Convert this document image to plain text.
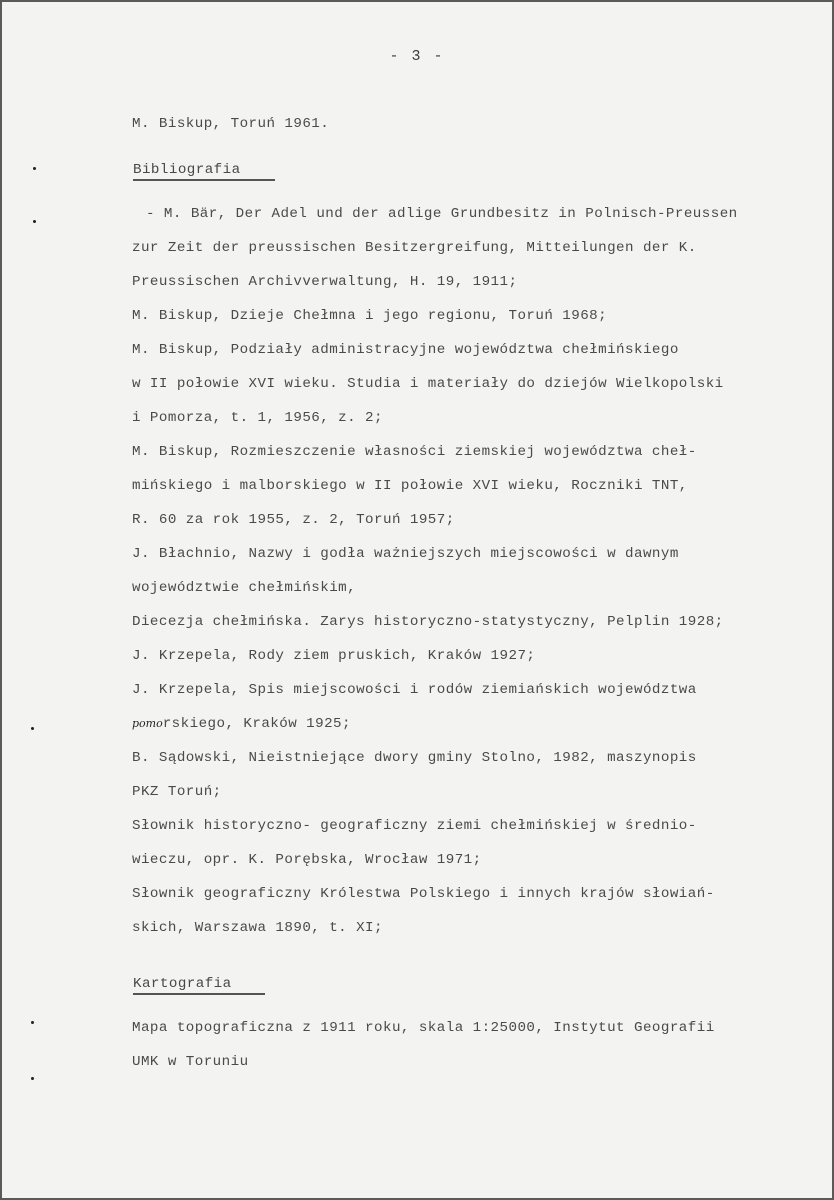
- 3 -
M. Biskup, Toruń 1961.
Bibliografia
- M. Bär, Der Adel und der adlige Grundbesitz in Polnisch-Preussen
zur Zeit der preussischen Besitzergreifung, Mitteilungen der K.
Preussischen Archivverwaltung, H. 19, 1911;
M. Biskup, Dzieje Chełmna i jego regionu, Toruń 1968;
M. Biskup, Podziały administracyjne województwa chełmińskiego
w II połowie XVI wieku. Studia i materiały do dziejów Wielkopolski
i Pomorza, t. 1, 1956, z. 2;
M. Biskup, Rozmieszczenie własności ziemskiej województwa cheł-
mińskiego i malborskiego w II połowie XVI wieku, Roczniki TNT,
R. 60 za rok 1955, z. 2, Toruń 1957;
J. Błachnio, Nazwy i godła ważniejszych miejscowości w dawnym
województwie chełmińskim,
Diecezja chełmińska. Zarys historyczno-statystyczny, Pelplin 1928;
J. Krzepela, Rody ziem pruskich, Kraków 1927;
J. Krzepela, Spis miejscowości i rodów ziemiańskich województwa
pomorskiego, Kraków 1925;
B. Sądowski, Nieistniejące dwory gminy Stolno, 1982, maszynopis
PKZ Toruń;
Słownik historyczno- geograficzny ziemi chełmińskiej w średnio-
wieczu, opr. K. Porębska, Wrocław 1971;
Słownik geograficzny Królestwa Polskiego i innych krajów słowiań-
skich, Warszawa 1890, t. XI;
Kartografia
Mapa topograficzna z 1911 roku, skala 1:25000, Instytut Geografii
UMK w Toruniu
